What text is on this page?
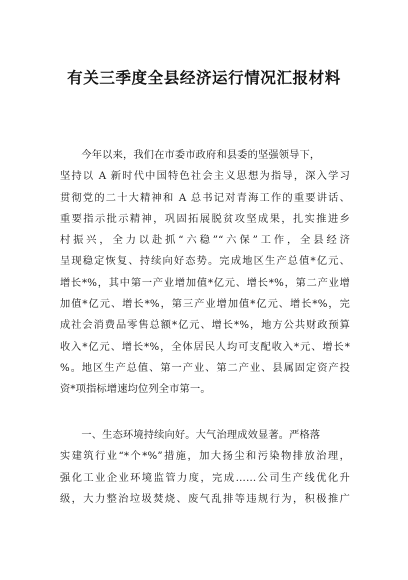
有关三季度全县经济运行情况汇报材料
今年以来，我们在市委市政府和县委的坚强领导下，
坚持以 A 新时代中国特色社会主义思想为指导，深入学习
贯彻党的二十大精神和 A 总书记对青海工作的重要讲话、
重要指示批示精神，巩固拓展脱贫攻坚成果，扎实推进乡
村振兴，全力以赴抓“六稳”“六保”工作，全县经济
呈现稳定恢复、持续向好态势。完成地区生产总值*亿元、
增长*%，其中第一产业增加值*亿元、增长*%，第二产业增
加值*亿元、增长*%，第三产业增加值*亿元、增长*%，完
成社会消费品零售总额*亿元、增长*%，地方公共财政预算
收入*亿元、增长*%，全体居民人均可支配收入*元、增长*
%。地区生产总值、第一产业、第二产业、县属固定资产投
资*项指标增速均位列全市第一。
一、生态环境持续向好。大气治理成效显著。严格落
实建筑行业“*个*%”措施，加大扬尘和污染物排放治理，
强化工业企业环境监管力度，完成……公司生产线优化升
级，大力整治垃圾焚烧、废气乱排等违规行为，积极推广
